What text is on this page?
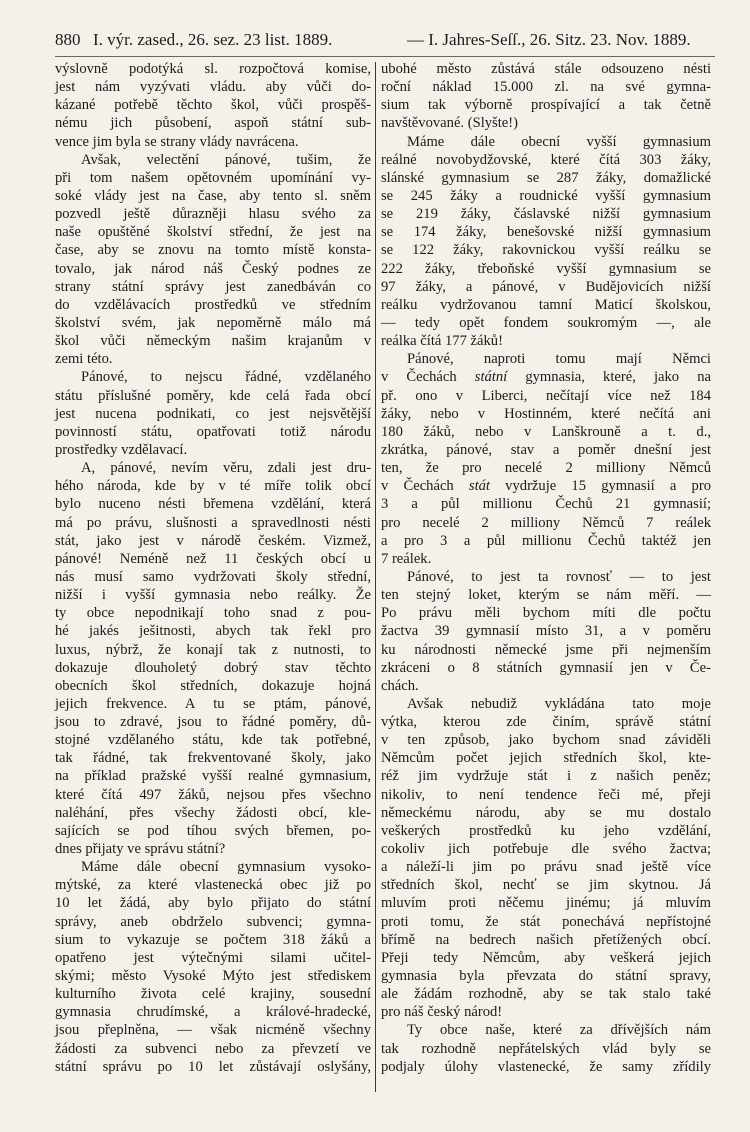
880 I. výr. zased., 26. sez. 23 list. 1889.	— I. Jahres-Seſſ., 26. Sitz. 23. Nov. 1889.
výslovně podotýká sl. rozpočtová komise,
jest nám vyzývati vládu. aby vůči do-
kázané potřebě těchto škol, vůči prospěš-
nému jich působení, aspoň státní sub-
vence jim byla se strany vlády navrácena.
Avšak, velectění pánové, tušim, že
při tom našem opětovném upomínání vy-
soké vlády jest na čase, aby tento sl. sněm
pozvedl ještě důrazněji hlasu svého za
naše opuštěné školství střední, že jest na
čase, aby se znovu na tomto místě konsta-
tovalo, jak národ náš Český podnes ze
strany státní správy jest zanedbáván co
do vzdělávacích prostředků ve středním
školství svém, jak nepoměrně málo má
škol vůči německým našim krajanům v
zemi této.
Pánové, to nejscu řádné, vzdělaného
státu příslušné poměry, kde celá řada obcí
jest nucena podnikati, co jest nejsvětější
povinností státu, opatřovati totiž národu
prostředky vzdělavací.
A, pánové, nevím věru, zdali jest dru-
hého národa, kde by v té míře tolik obcí
bylo nuceno nésti břemena vzdělání, která
má po právu, slušnosti a spravedlnosti nésti
stát, jako jest v národě českém. Vizmež,
pánové! Neméně než 11 českých obcí u
nás musí samo vydržovati školy střední,
nižší i vyšší gymnasia nebo reálky. Že
ty obce nepodnikají toho snad z pou-
hé jakés ješitnosti, abych tak řekl pro
luxus, nýbrž, že konají tak z nutnosti, to
dokazuje dlouholetý dobrý stav těchto
obecních škol středních, dokazuje hojná
jejich frekvence. A tu se ptám, pánové,
jsou to zdravé, jsou to řádné poměry, dů-
stojné vzdělaného státu, kde tak potřebné,
tak řádné, tak frekventované školy, jako
na příklad pražské vyšší realné gymnasium,
které čítá 497 žáků, nejsou přes všechno
naléhání, přes všechy žádosti obcí, kle-
sajících se pod tíhou svých břemen, po-
dnes přijaty ve správu státní?
Máme dále obecní gymnasium vysoko-
mýtské, za které vlastenecká obec již po
10 let žádá, aby bylo přijato do státní
správy, aneb obdrželo subvenci; gymna-
sium to vykazuje se počtem 318 žáků a
opatřeno jest výtečnými silami učitel-
skými; město Vysoké Mýto jest střediskem
kulturního života celé krajiny, sousední
gymnasia chrudímské, a králové-hradecké,
jsou přeplněna, — však nicméně všechny
žádosti za subvenci nebo za převzetí ve
státní správu po 10 let zůstávají oslyšány,
ubohé město zůstává stále odsouzeno nésti
roční náklad 15.000 zl. na své gymna-
sium tak výborně prospívající a tak četně
navštěvované. (Slyšte!)
Máme dále obecní vyšší gymnasium
reálné novobydžovské, které čítá 303 žáky,
slánské gymnasium se 287 žáky, domažlické
se 245 žáky a roudnické vyšší gymnasium
se 219 žáky, čáslavské nižší gymnasium
se 174 žáky, benešovské nižší gymnasium
se 122 žáky, rakovnickou vyšší reálku se
222 žáky, třeboňské vyšší gymnasium se
97 žáky, a pánové, v Budějovicích nižší
reálku vydržovanou tamní Maticí školskou,
— tedy opět fondem soukromým —, ale
reálka čítá 177 žáků!
Pánové, naproti tomu mají Němci
v Čechách státní gymnasia, které, jako na
př. ono v Liberci, nečítají více než 184
žáky, nebo v Hostinném, které nečítá ani
180 žáků, nebo v Lanškrouně a t. d.,
zkrátka, pánové, stav a poměr dnešní jest
ten, že pro necelé 2 milliony Němců
v Čechách stát vydržuje 15 gymnasií a pro
3 a půl millionu Čechů 21 gymnasií;
pro necelé 2 milliony Němců 7 reálek
a pro 3 a půl millionu Čechů taktéž jen
7 reálek.
Pánové, to jest ta rovnosť — to jest
ten stejný loket, kterým se nám měří. —
Po právu měli bychom míti dle počtu
žactva 39 gymnasií místo 31, a v poměru
ku národnosti německé jsme při nejmenším
zkráceni o 8 státních gymnasií jen v Če-
chách.
Avšak nebudiž vykládána tato moje
výtka, kterou zde činím, správě státní
v ten způsob, jako bychom snad záviděli
Němcům počet jejich středních škol, kte-
réž jim vydržuje stát i z našich peněz;
nikoliv, to není tendence řeči mé, přeji
německému národu, aby se mu dostalo
veškerých prostředků ku jeho vzdělání,
cokoliv jich potřebuje dle svého žactva;
a náleží-li jim po právu snad ještě více
středních škol, nechť se jim skytnou. Já
mluvím proti něčemu jinému; já mluvím
proti tomu, že stát ponechává nepřístojné
břímě na bedrech našich přetížených obcí.
Přeji tedy Němcům, aby veškerá jejich
gymnasia byla převzata do státní spravy,
ale žádám rozhodně, aby se tak stalo také
pro náš český národ!
Ty obce naše, které za dřívějších nám
tak rozhodně nepřátelských vlád byly se
podjaly úlohy vlastenecké, že samy zřídily
